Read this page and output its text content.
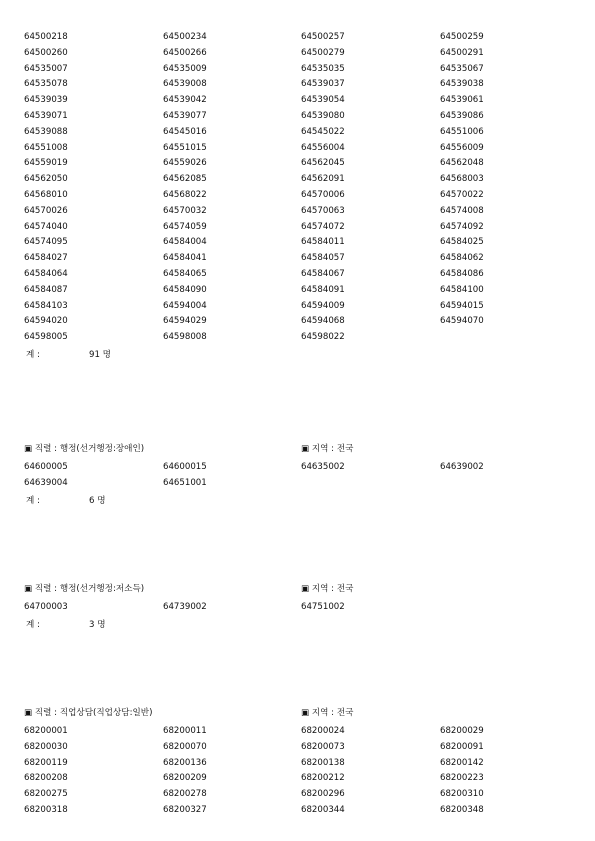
64500218	64500234	64500257	64500259
64500260	64500266	64500279	64500291
64535007	64535009	64535035	64535067
64535078	64539008	64539037	64539038
64539039	64539042	64539054	64539061
64539071	64539077	64539080	64539086
64539088	64545016	64545022	64551006
64551008	64551015	64556004	64556009
64559019	64559026	64562045	64562048
64562050	64562085	64562091	64568003
64568010	64568022	64570006	64570022
64570026	64570032	64570063	64574008
64574040	64574059	64574072	64574092
64574095	64584004	64584011	64584025
64584027	64584041	64584057	64584062
64584064	64584065	64584067	64584086
64584087	64584090	64584091	64584100
64584103	64594004	64594009	64594015
64594020	64594029	64594068	64594070
64598005	64598008	64598022
계 :	91 명
▣ 직렬 : 행정(선거행정:장애인)	▣ 지역 : 전국
64600005	64600015	64635002	64639002
64639004	64651001
계 :	6 명
▣ 직렬 : 행정(선거행정:저소득)	▣ 지역 : 전국
64700003	64739002	64751002
계 :	3 명
▣ 직렬 : 직업상담(직업상담:일반)	▣ 지역 : 전국
68200001	68200011	68200024	68200029
68200030	68200070	68200073	68200091
68200119	68200136	68200138	68200142
68200208	68200209	68200212	68200223
68200275	68200278	68200296	68200310
68200318	68200327	68200344	68200348
